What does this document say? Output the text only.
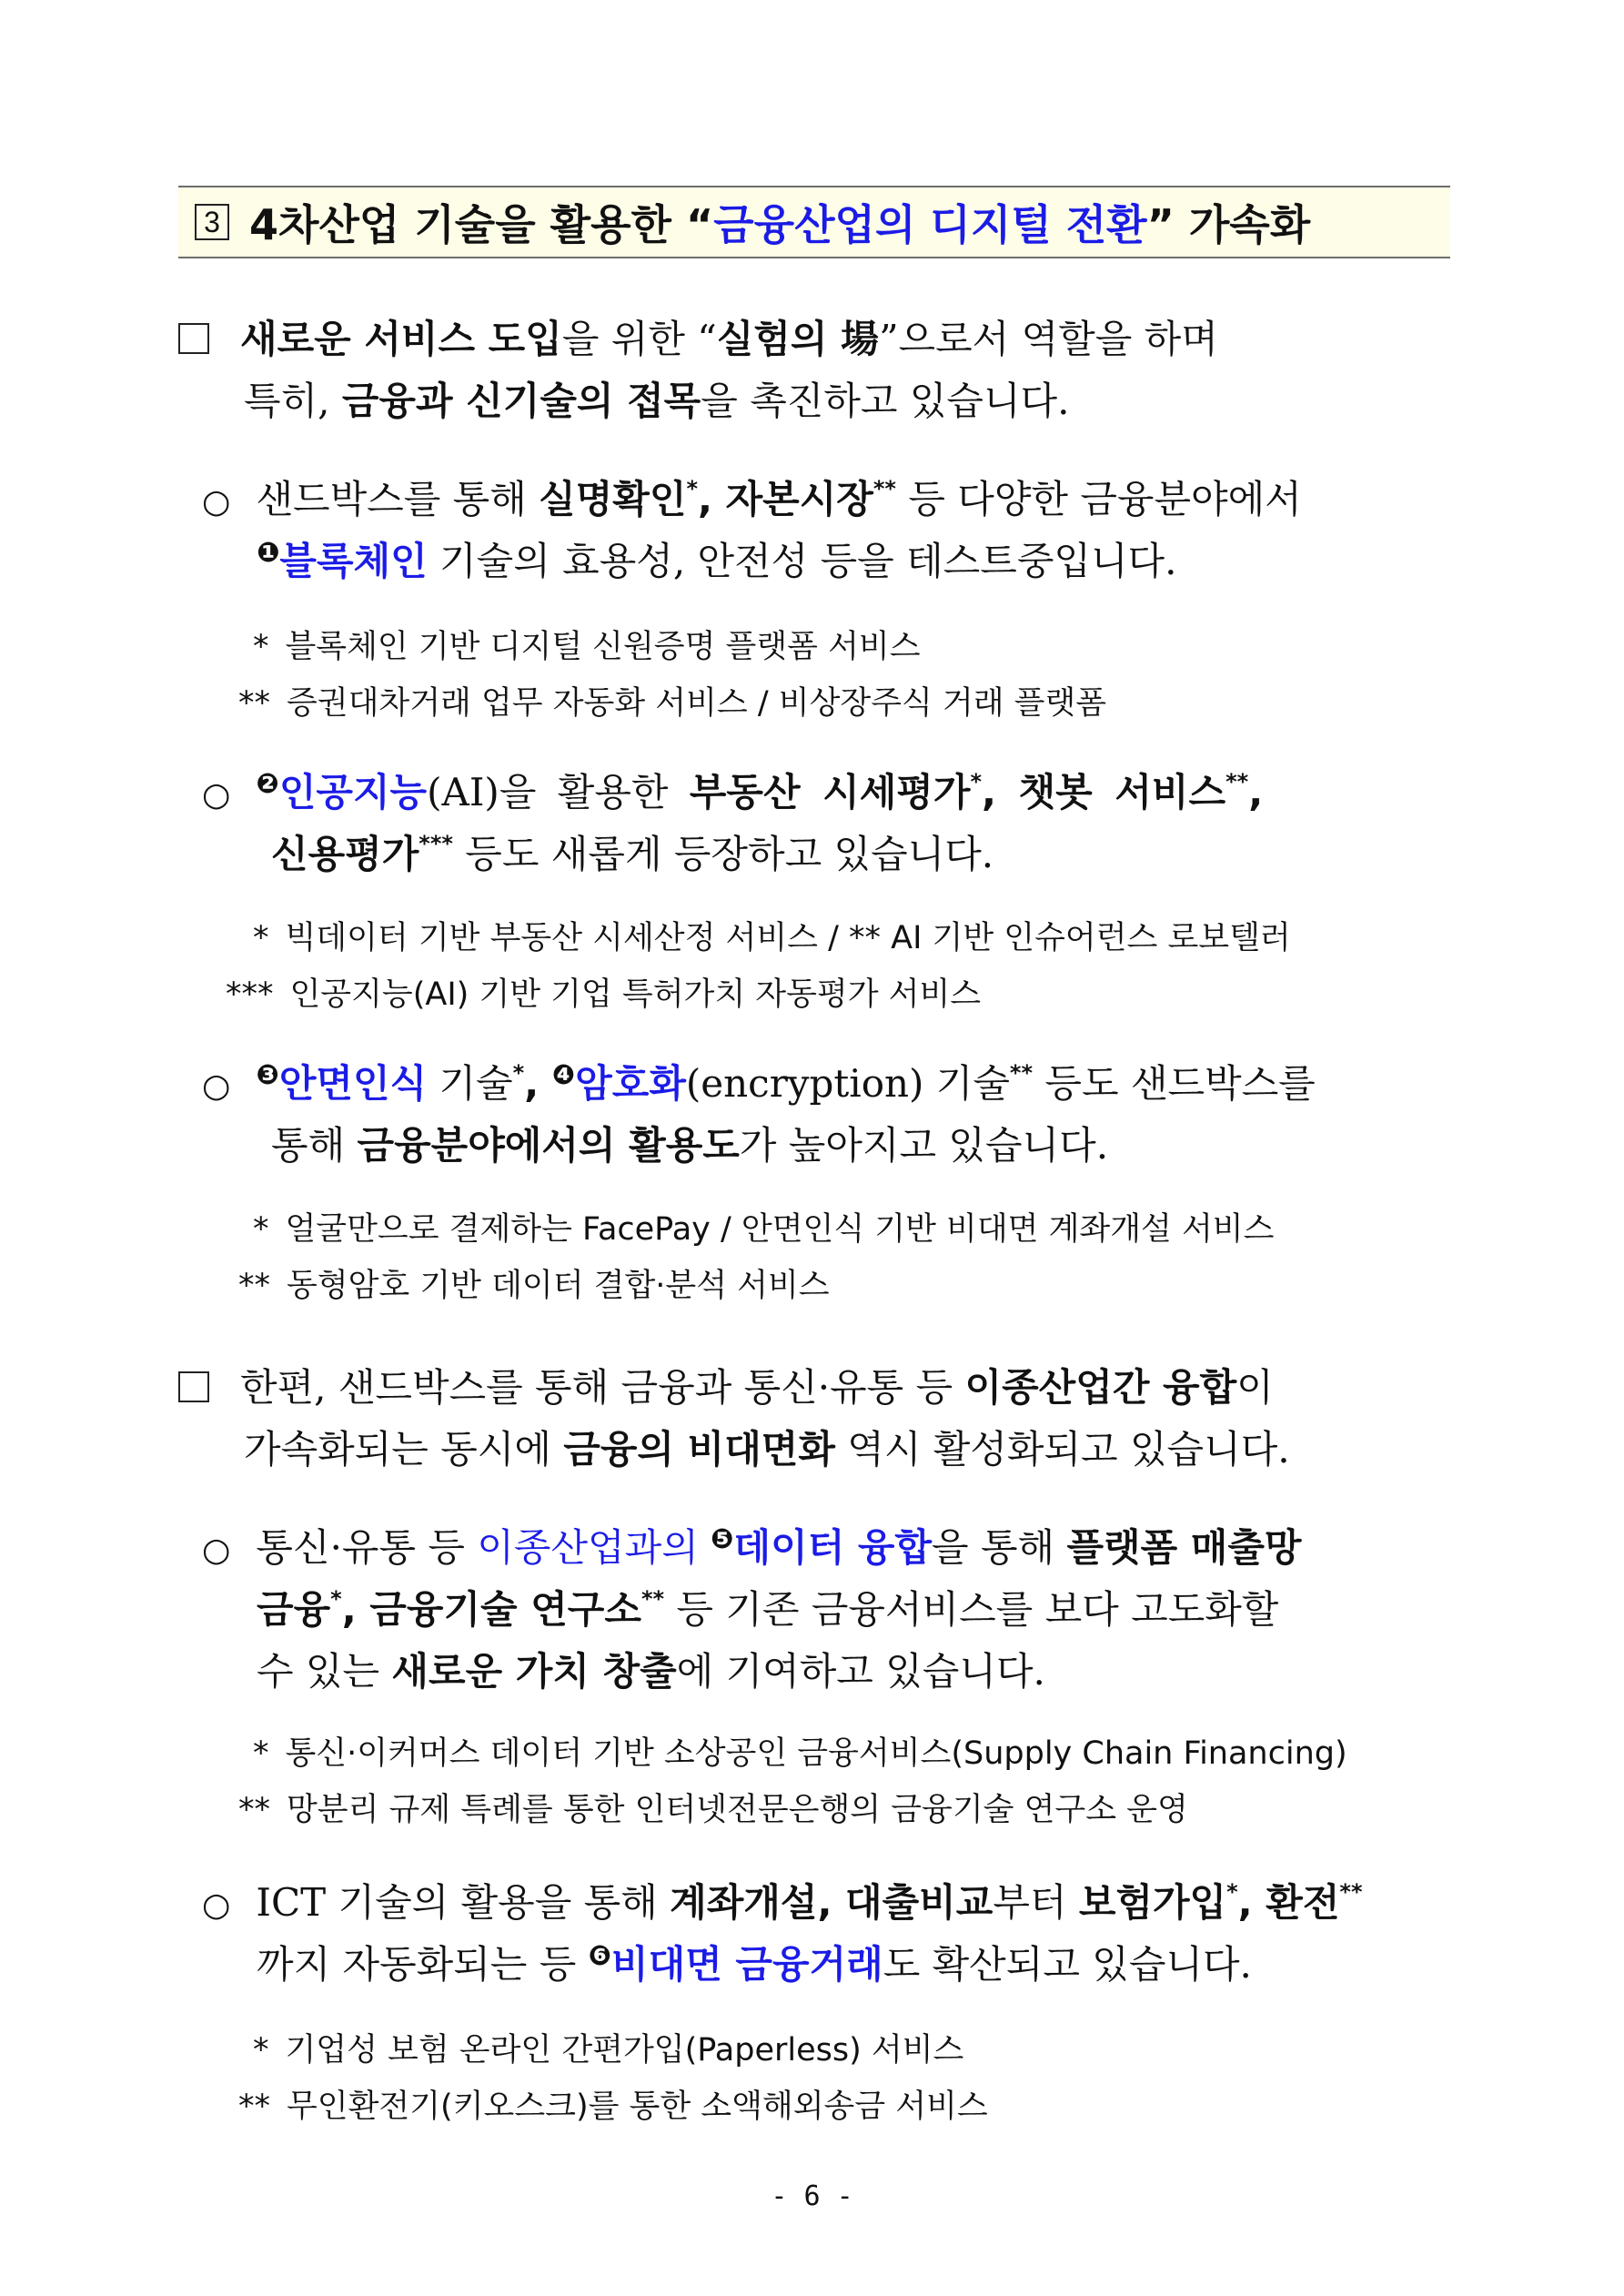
3 4차산업 기술을 활용한 “ 금융산업의 디지털 전환 ” 가속화
새로운 서비스 도입을 위한 “실험의 場”으로서 역할을 하며
특히, 금융과 신기술의 접목을 촉진하고 있습니다.
○ 샌드박스를 통해 실명확인*, 자본시장** 등 다양한 금융분야에서
$^❶$블록체인 기술의 효용성, 안전성 등을 테스트중입니다.
* 블록체인 기반 디지털 신원증명 플랫폼 서비스
** 증권대차거래 업무 자동화 서비스 / 비상장주식 거래 플랫폼
○ $^❷$인공지능(AI)을 활용한 부동산 시세평가*, 챗봇 서비스**,
신용평가*** 등도 새롭게 등장하고 있습니다.
* 빅데이터 기반 부동산 시세산정 서비스 / ** AI 기반 인슈어런스 로보텔러
*** 인공지능(AI) 기반 기업 특허가치 자동평가 서비스
○ $^❸$안면인식 기술*, $^❹$암호화(encryption) 기술** 등도 샌드박스를
통해 금융분야에서의 활용도가 높아지고 있습니다.
* 얼굴만으로 결제하는 FacePay / 안면인식 기반 비대면 계좌개설 서비스
** 동형암호 기반 데이터 결합·분석 서비스
한편, 샌드박스를 통해 금융과 통신·유통 등 이종산업간 융합이
가속화되는 동시에 금융의 비대면화 역시 활성화되고 있습니다.
○ 통신·유통 등 이종산업과의 $^❺$데이터 융합을 통해 플랫폼 매출망
금융*, 금융기술 연구소** 등 기존 금융서비스를 보다 고도화할
수 있는 새로운 가치 창출에 기여하고 있습니다.
* 통신·이커머스 데이터 기반 소상공인 금융서비스(Supply Chain Financing)
** 망분리 규제 특례를 통한 인터넷전문은행의 금융기술 연구소 운영
○ ICT 기술의 활용을 통해 계좌개설, 대출비교부터 보험가입*, 환전**
까지 자동화되는 등 $^❻$비대면 금융거래도 확산되고 있습니다.
* 기업성 보험 온라인 간편가입(Paperless) 서비스
** 무인환전기(키오스크)를 통한 소액해외송금 서비스
- 6 -
